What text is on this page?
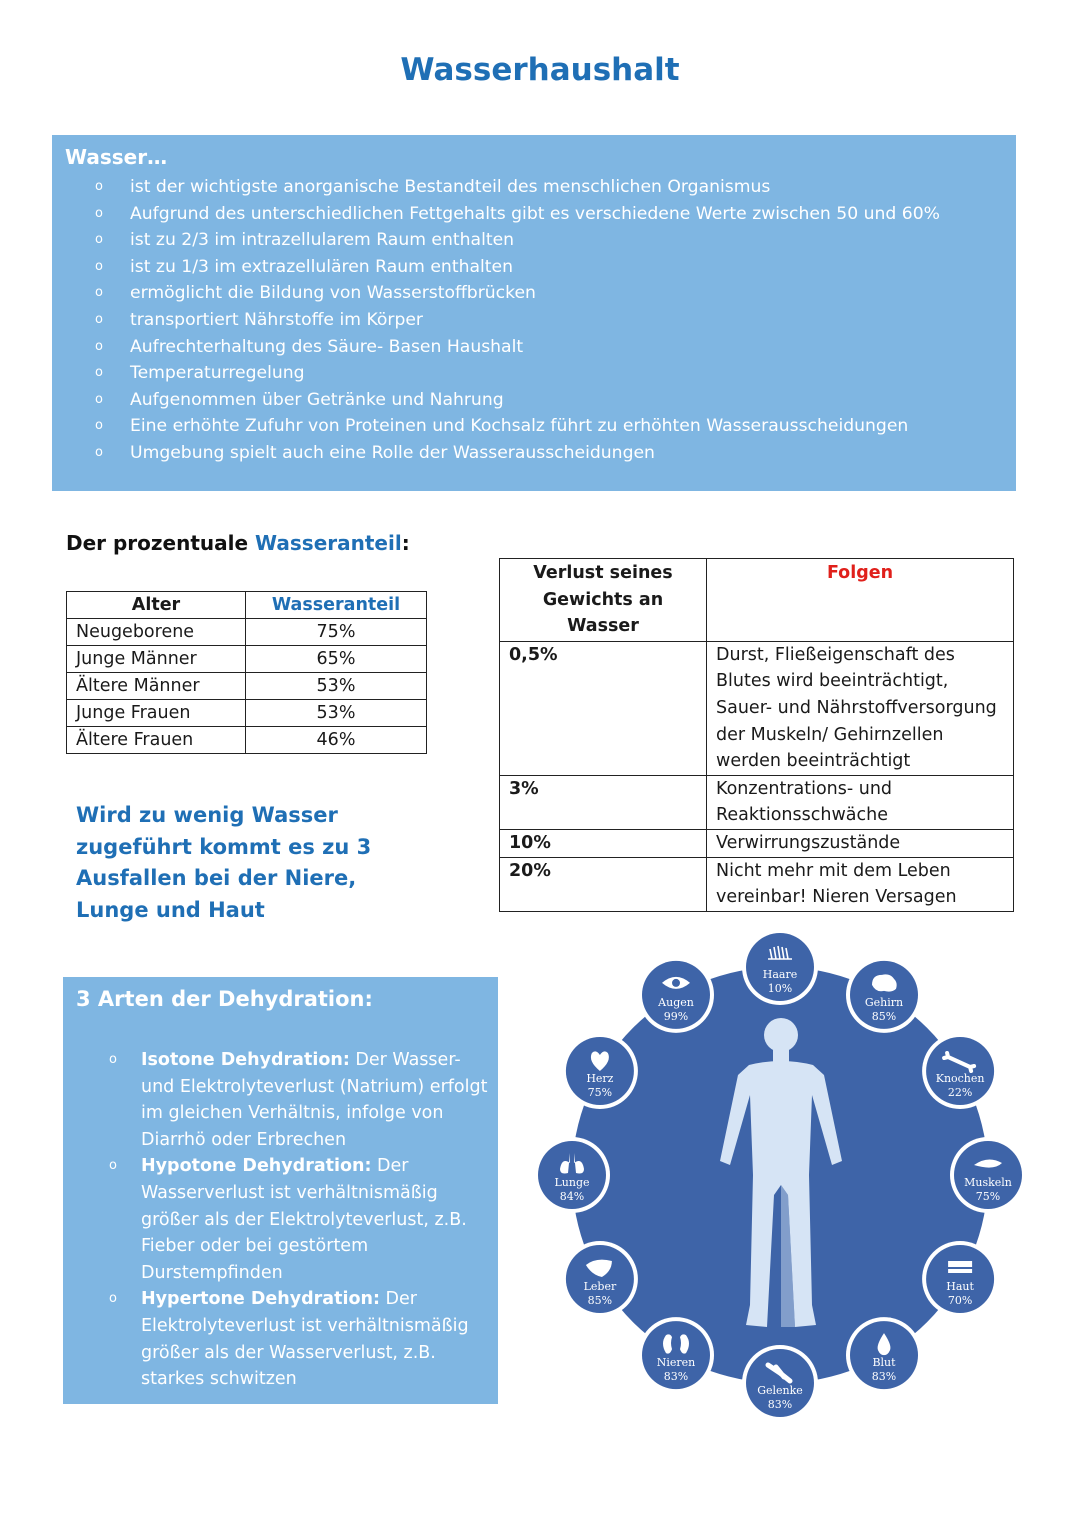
Wasserhaushalt
Wasser…
o ist der wichtigste anorganische Bestandteil des menschlichen Organismus
o Aufgrund des unterschiedlichen Fettgehalts gibt es verschiedene Werte zwischen 50 und 60%
o ist zu 2/3 im intrazellularem Raum enthalten
o ist zu 1/3 im extrazellulären Raum enthalten
o ermöglicht die Bildung von Wasserstoffbrücken
o transportiert Nährstoffe im Körper
o Aufrechterhaltung des Säure- Basen Haushalt
o Temperaturregelung
o Aufgenommen über Getränke und Nahrung
o Eine erhöhte Zufuhr von Proteinen und Kochsalz führt zu erhöhten Wasserausscheidungen
o Umgebung spielt auch eine Rolle der Wasserausscheidungen
Der prozentuale Wasseranteil:
Alter	Wasseranteil
Neugeborene	75%
Junge Männer	65%
Ältere Männer	53%
Junge Frauen	53%
Ältere Frauen	46%
Wird zu wenig Wasser zugeführt kommt es zu 3 Ausfallen bei der Niere, Lunge und Haut
Verlust seines Gewichts an Wasser	Folgen
0,5%	Durst, Fließeigenschaft des Blutes wird beeinträchtigt, Sauer- und Nährstoffversorgung der Muskeln/ Gehirnzellen werden beeinträchtigt
3%	Konzentrations- und Reaktionsschwäche
10%	Verwirrungszustände
20%	Nicht mehr mit dem Leben vereinbar! Nieren Versagen
3 Arten der Dehydration:
o Isotone Dehydration: Der Wasser- und Elektrolyteverlust (Natrium) erfolgt im gleichen Verhältnis, infolge von Diarrhö oder Erbrechen
o Hypotone Dehydration: Der Wasserverlust ist verhältnismäßig größer als der Elektrolyteverlust, z.B. Fieber oder bei gestörtem Durstempfinden
o Hypertone Dehydration: Der Elektrolyteverlust ist verhältnismäßig größer als der Wasserverlust, z.B. starkes schwitzen
Haare
10%
Gehirn
85%
Knochen
22%
Muskeln
75%
Haut
70%
Blut
83%
Gelenke
83%
Nieren
83%
Leber
85%
Lunge
84%
Herz
75%
Augen
99%
